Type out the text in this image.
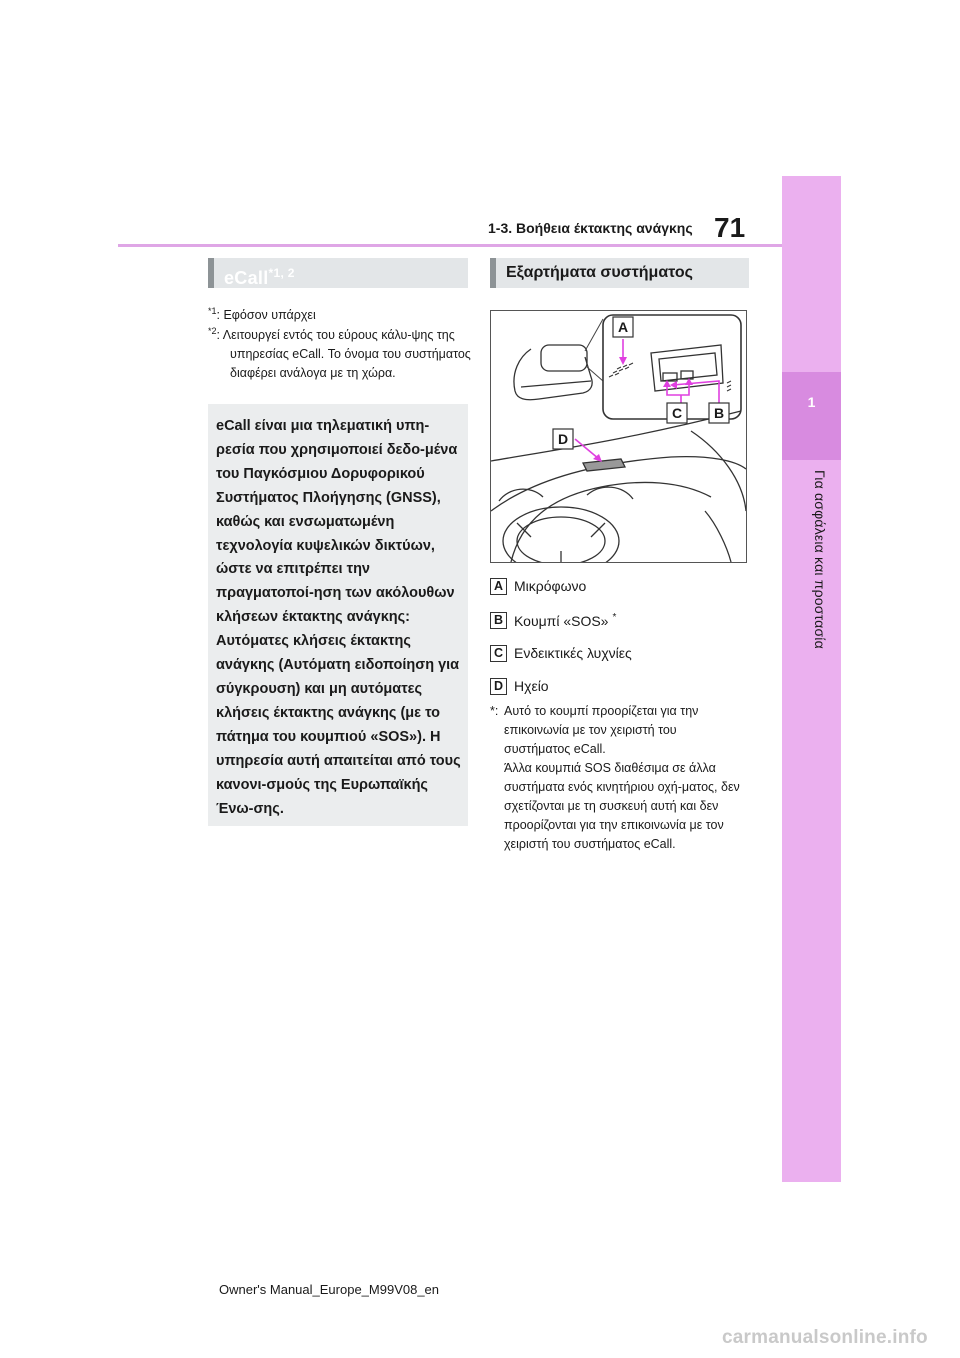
1-3. Βοήθεια έκτακτης ανάγκης 71
1
Για ασφάλεια και προστασία
eCall$^{*1, 2}$
$^{*1}$: Εφόσον υπάρχει
$^{*2}$: Λειτουργεί εντός του εύρους κάλυ-ψης της υπηρεσίας eCall. Το όνομα του συστήματος διαφέρει ανάλογα με τη χώρα.
eCall είναι μια τηλεματική υπη-ρεσία που χρησιμοποιεί δεδο-μένα του Παγκόσμιου Δορυφορικού Συστήματος Πλοήγησης (GNSS), καθώς και ενσωματωμένη τεχνολογία κυψελικών δικτύων, ώστε να επιτρέπει την πραγματοποί-ηση των ακόλουθων κλήσεων έκτακτης ανάγκης: Αυτόματες κλήσεις έκτακτης ανάγκης (Αυτόματη ειδοποίηση για σύγκρουση) και μη αυτόματες κλήσεις έκτακτης ανάγκης (με το πάτημα του κουμπιού «SOS»). Η υπηρεσία αυτή απαιτείται από τους κανονι-σμούς της Ευρωπαϊκής Ένω-σης.
Εξαρτήματα συστήματος
A
C B
D
A Μικρόφωνο
B Κουμπί «SOS» *
C Ενδεικτικές λυχνίες
D Ηχείο
*: Αυτό το κουμπί προορίζεται για την επικοινωνία με τον χειριστή του συστήματος eCall.
Άλλα κουμπιά SOS διαθέσιμα σε άλλα συστήματα ενός κινητήριου οχή-ματος, δεν σχετίζονται με τη συσκευή αυτή και δεν προορίζονται για την επικοινωνία με τον χειριστή του συστήματος eCall.
Owner's Manual_Europe_M99V08_en
carmanualsonline.info
